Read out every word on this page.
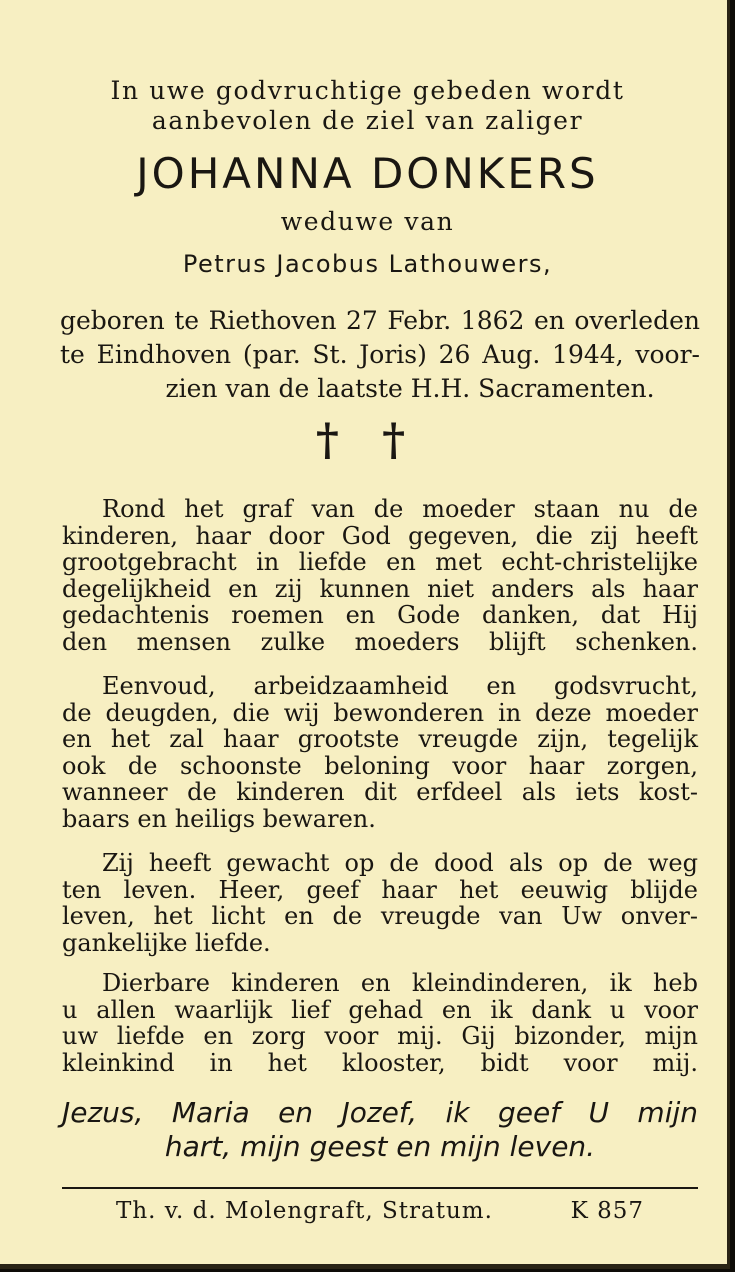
In uwe godvruchtige gebeden wordt
aanbevolen de ziel van zaliger
JOHANNA DONKERS
weduwe van
Petrus Jacobus Lathouwers,
geboren te Riethoven 27 Febr. 1862 en overleden
te Eindhoven (par. St. Joris) 26 Aug. 1944, voor-
zien van de laatste H.H. Sacramenten.
† †
Rond het graf van de moeder staan nu de
kinderen, haar door God gegeven, die zij heeft
grootgebracht in liefde en met echt-christelijke
degelijkheid en zij kunnen niet anders als haar
gedachtenis roemen en Gode danken, dat Hij
den mensen zulke moeders blijft schenken.
Eenvoud, arbeidzaamheid en godsvrucht,
de deugden, die wij bewonderen in deze moeder
en het zal haar grootste vreugde zijn, tegelijk
ook de schoonste beloning voor haar zorgen,
wanneer de kinderen dit erfdeel als iets kost-
baars en heiligs bewaren.
Zij heeft gewacht op de dood als op de weg
ten leven. Heer, geef haar het eeuwig blijde
leven, het licht en de vreugde van Uw onver-
gankelijke liefde.
Dierbare kinderen en kleindinderen, ik heb
u allen waarlijk lief gehad en ik dank u voor
uw liefde en zorg voor mij. Gij bizonder, mijn
kleinkind in het klooster, bidt voor mij.
Jezus, Maria en Jozef, ik geef U mijn
hart, mijn geest en mijn leven.
Th. v. d. Molengraft, Stratum.	K 857
